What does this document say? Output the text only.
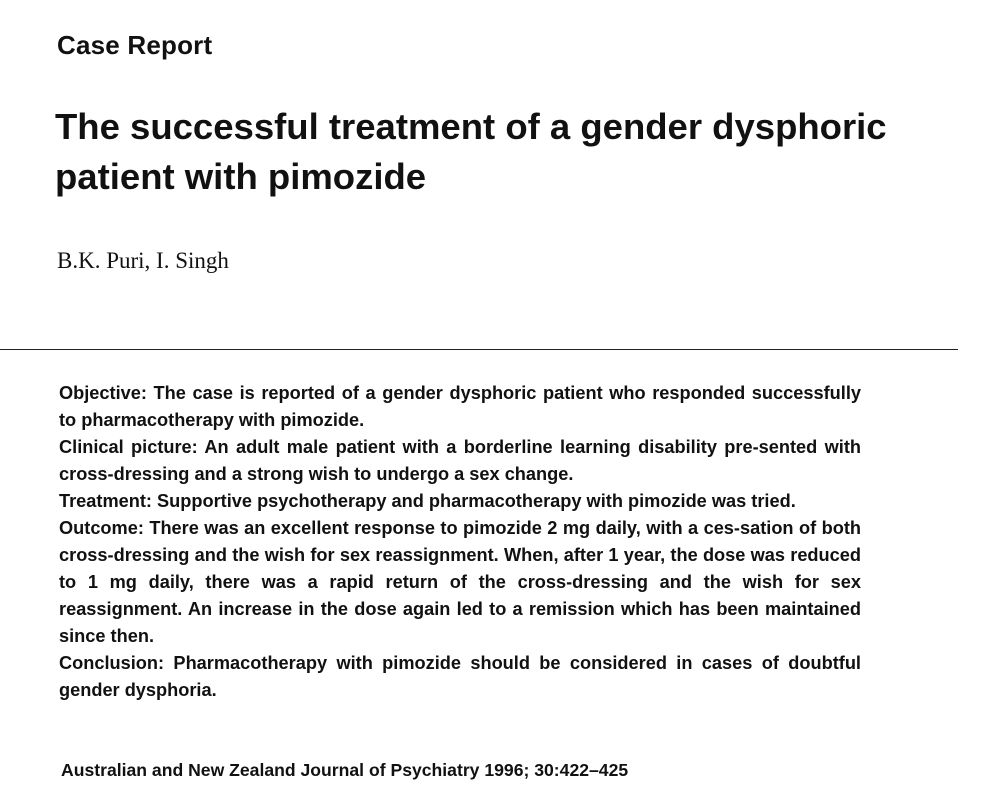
Case Report
The successful treatment of a gender dysphoric
patient with pimozide
B.K. Puri, I. Singh

Objective: The case is reported of a gender dysphoric patient who responded successfully to pharmacotherapy with pimozide.

Clinical picture: An adult male patient with a borderline learning disability pre-sented with cross-dressing and a strong wish to undergo a sex change.

Treatment: Supportive psychotherapy and pharmacotherapy with pimozide was tried.

Outcome: There was an excellent response to pimozide 2 mg daily, with a ces-sation of both cross-dressing and the wish for sex reassignment. When, after 1 year, the dose was reduced to 1 mg daily, there was a rapid return of the cross-dressing and the wish for sex reassignment. An increase in the dose again led to a remission which has been maintained since then.

Conclusion: Pharmacotherapy with pimozide should be considered in cases of doubtful gender dysphoria.

Australian and New Zealand Journal of Psychiatry 1996; 30:422–425
